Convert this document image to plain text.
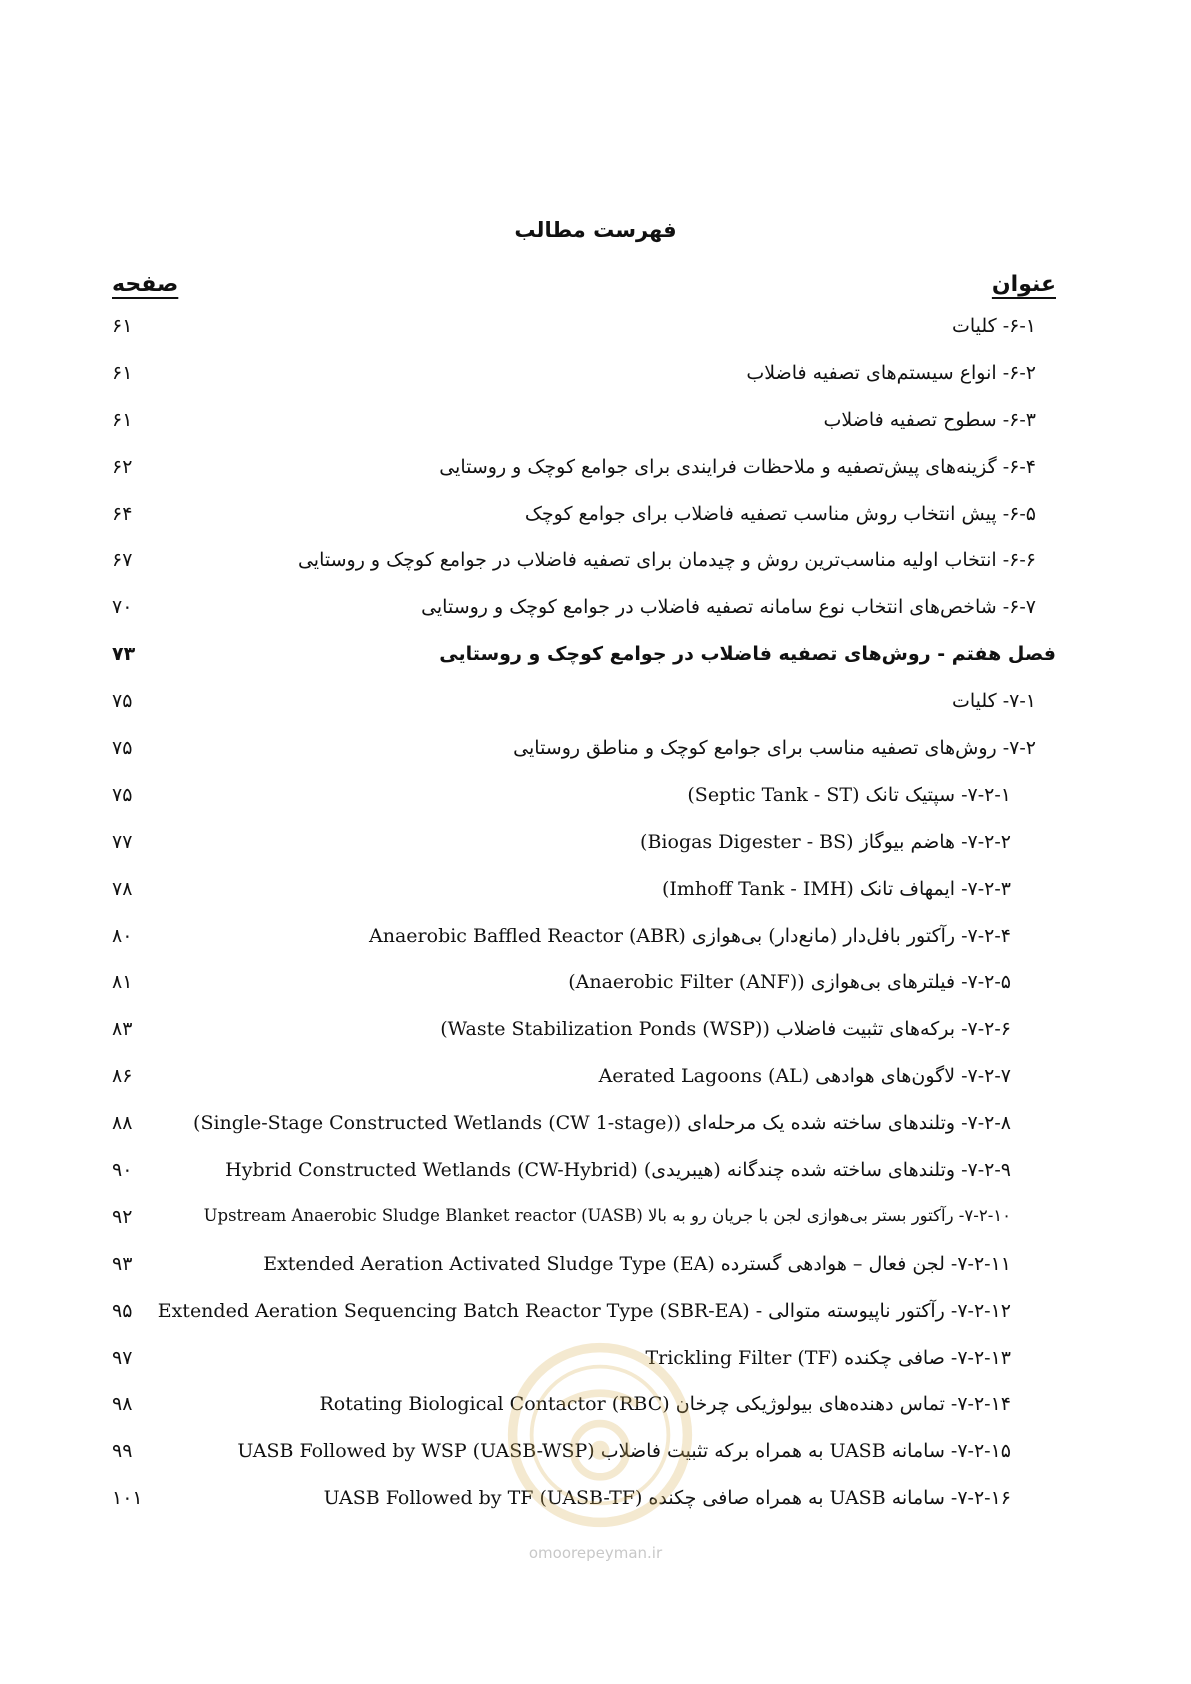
فهرست مطالب
عنوان
صفحه
۶-۱- کلیات
۶۱
۶-۲- انواع سیستم‌های تصفیه فاضلاب
۶۱
۶-۳- سطوح تصفیه فاضلاب
۶۱
۶-۴- گزینه‌های پیش‌تصفیه و ملاحظات فرایندی برای جوامع کوچک و روستایی
۶۲
۶-۵- پیش انتخاب روش مناسب تصفیه فاضلاب برای جوامع کوچک
۶۴
۶-۶- انتخاب اولیه مناسب‌ترین روش و چیدمان برای تصفیه فاضلاب در جوامع کوچک و روستایی
۶۷
۶-۷- شاخص‌های انتخاب نوع سامانه تصفیه فاضلاب در جوامع کوچک و روستایی
۷۰
فصل هفتم - روش‌های تصفیه فاضلاب در جوامع کوچک و روستایی
۷۳
۷-۱- کلیات
۷۵
۷-۲- روش‌های تصفیه مناسب برای جوامع کوچک و مناطق روستایی
۷۵
۷-۲-۱- سپتیک تانک (Septic Tank - ST)
۷۵
۷-۲-۲- هاضم بیوگاز (Biogas Digester - BS)
۷۷
۷-۲-۳- ایمهاف تانک (Imhoff Tank - IMH)
۷۸
۷-۲-۴- رآکتور بافل‌دار (مانع‌دار) بی‌هوازی Anaerobic Baffled Reactor (ABR)
۸۰
۷-۲-۵- فیلترهای بی‌هوازی (Anaerobic Filter (ANF))
۸۱
۷-۲-۶- برکه‌های تثبیت فاضلاب (Waste Stabilization Ponds (WSP))
۸۳
۷-۲-۷- لاگون‌های هوادهی (Aerated Lagoons (AL
۸۶
۷-۲-۸- وتلندهای ساخته شده یک مرحله‌ای (Single-Stage Constructed Wetlands (CW 1-stage))
۸۸
۷-۲-۹- وتلندهای ساخته شده چندگانه (هیبریدی) Hybrid Constructed Wetlands (CW-Hybrid)
۹۰
۷-۲-۱۰- رآکتور بستر بی‌هوازی لجن با جریان رو به بالا (Upstream Anaerobic Sludge Blanket reactor (UASB
۹۲
۷-۲-۱۱- لجن فعال – هوادهی گسترده Extended Aeration Activated Sludge Type (EA)
۹۳
۷-۲-۱۲- رآکتور ناپیوسته متوالی - Extended Aeration Sequencing Batch Reactor Type (SBR-EA)
۹۵
۷-۲-۱۳- صافی چکنده (Trickling Filter (TF
۹۷
۷-۲-۱۴- تماس دهنده‌های بیولوژیکی چرخان (Rotating Biological Contactor (RBC
۹۸
۷-۲-۱۵- سامانه UASB به همراه برکه تثبیت فاضلاب (UASB Followed by WSP (UASB-WSP
۹۹
۷-۲-۱۶- سامانه UASB به همراه صافی چکنده (UASB Followed by TF (UASB-TF
۱۰۱
omoorepeyman.ir
